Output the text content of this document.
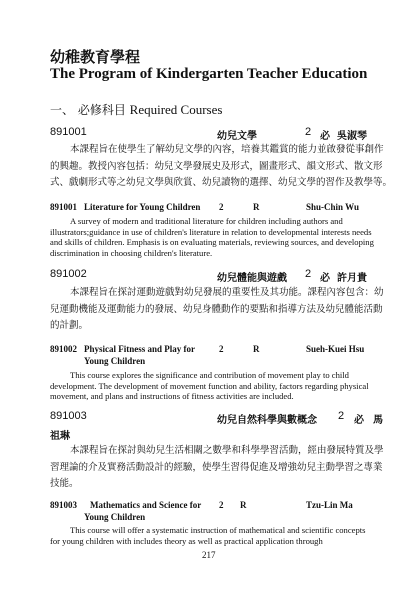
幼稚教育學程
The Program of Kindergarten Teacher Education
一、 必修科目 Required Courses
891001	幼兒文學	2 必 吳淑琴
本課程旨在使學生了解幼兒文學的內容，培養其鑑賞的能力並啟發從事創作
的興趣。教授內容包括：幼兒文學發展史及形式，圖畫形式、韻文形式、散文形
式、戲劇形式等之幼兒文學與欣賞、幼兒讀物的選擇、幼兒文學的習作及教學等。
891001 Literature for Young Children 2	R	Shu-Chin Wu
A survey of modern and traditional literature for children including authors and
illustrators;guidance in use of children's literature in relation to developmental interests needs
and skills of children. Emphasis is on evaluating materials, reviewing sources, and developing
discrimination in choosing children's literature.
891002	幼兒體能與遊戲 2 必 許月貴
本課程旨在探討運動遊戲對幼兒發展的重要性及其功能。課程內容包含：幼
兒運動機能及運動能力的發展、幼兒身體動作的要點和指導方法及幼兒體能活動
的計劃。
891002 Physical Fitness and Play for
Young Children
2	R	Sueh-Kuei Hsu
This course explores the significance and contribution of movement play to child
development. The development of movement function and ability, factors regarding physical
movement, and plans and instructions of fitness activities are included.
891003	幼兒自然科學與數概念 2 必 馬
祖琳
本課程旨在探討與幼兒生活相關之數學和科學學習活動，經由發展特質及學
習理論的介及實務活動設計的經驗，使學生習得促進及增強幼兒主動學習之專業
技能。
891003 Mathematics and Science for
Young Children
2 R	Tzu-Lin Ma
This course will offer a systematic instruction of mathematical and scientific concepts
for young children with includes theory as well as practical application through
217
